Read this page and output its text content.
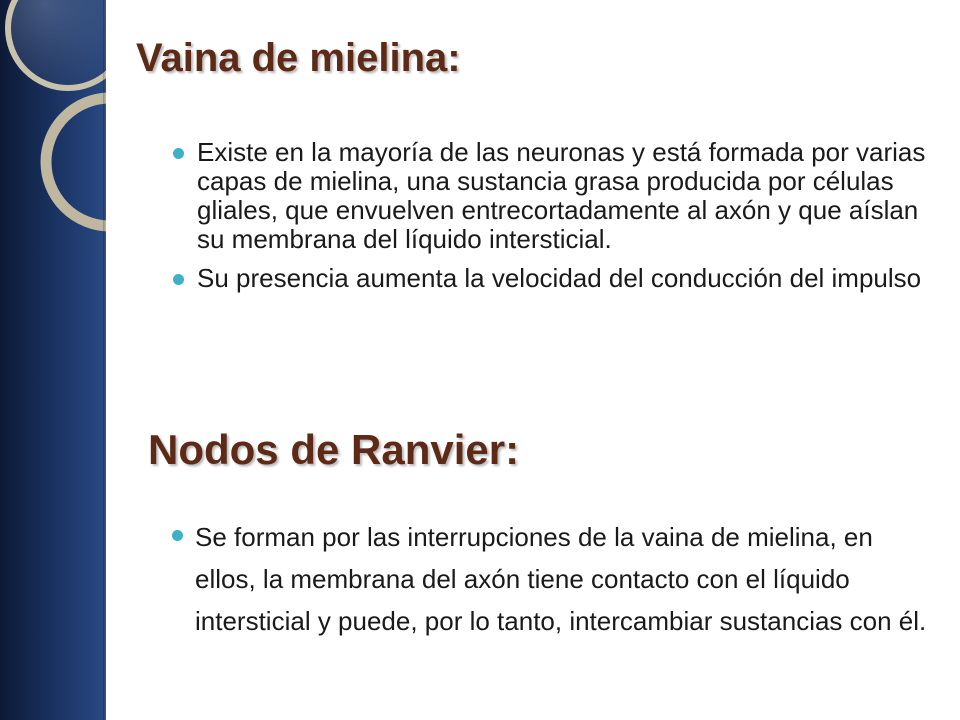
Vaina de mielina:
Existe en la mayoría de las neuronas y está formada por varias capas de mielina, una sustancia grasa producida por células gliales, que envuelven entrecortadamente al axón y que aíslan su membrana del líquido intersticial.
Su presencia aumenta la velocidad del conducción del impulso
Nodos de Ranvier:
Se forman por las interrupciones de la vaina de mielina, en ellos, la membrana del axón tiene contacto con el líquido intersticial y puede, por lo tanto, intercambiar sustancias con él.
